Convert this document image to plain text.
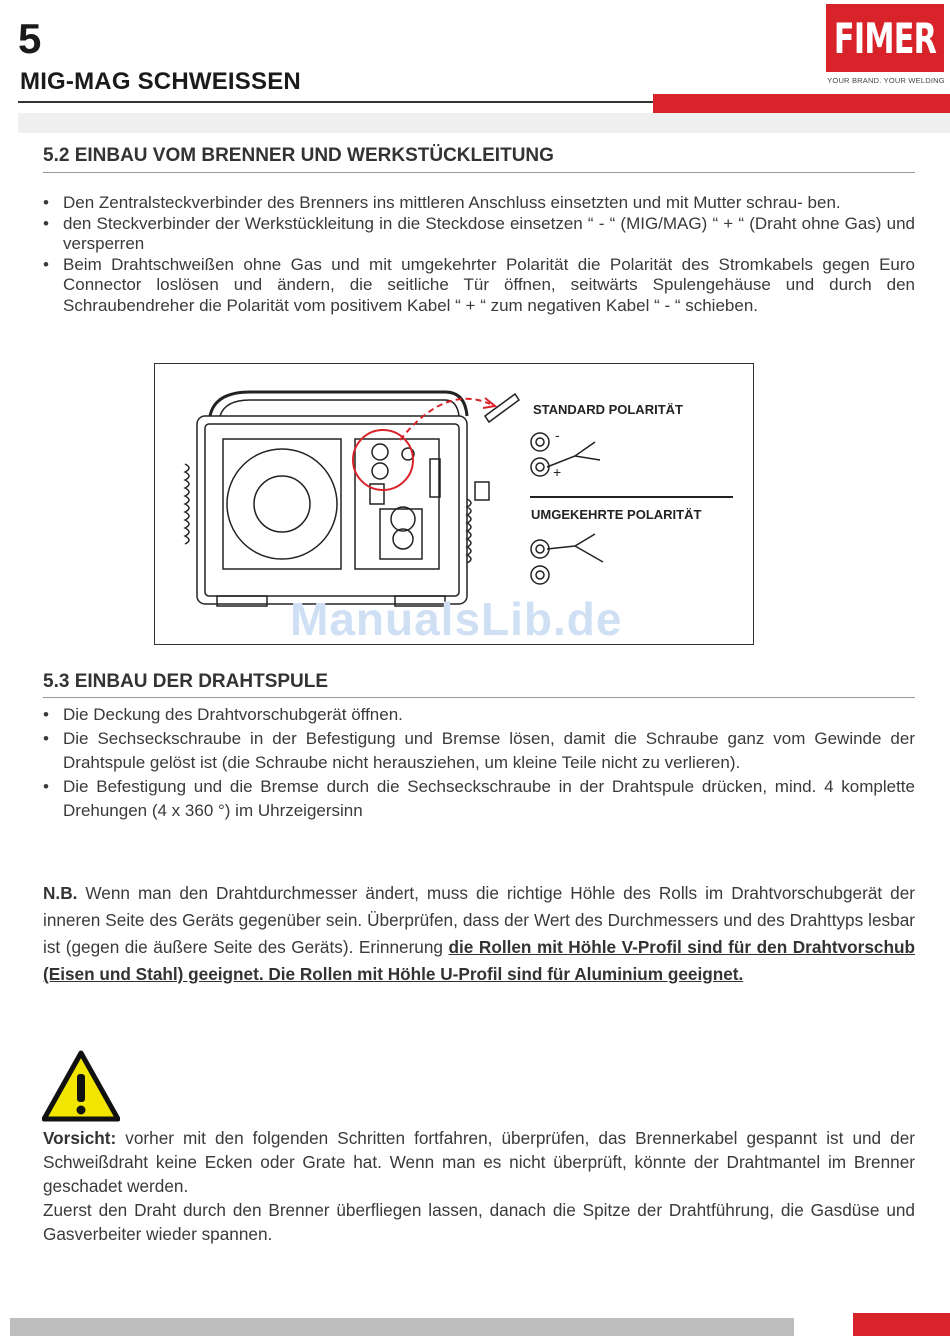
5
MIG-MAG SCHWEISSEN
FIMER
YOUR BRAND. YOUR WELDING
5.2 EINBAU VOM BRENNER UND WERKSTÜCKLEITUNG
• Den Zentralsteckverbinder des Brenners ins mittleren Anschluss einsetzten und mit Mutter schrau- ben.
• den Steckverbinder der Werkstückleitung in die Steckdose einsetzen “ - “ (MIG/MAG) “ + “ (Draht ohne Gas) und versperren
• Beim Drahtschweißen ohne Gas und mit umgekehrter Polarität die Polarität des Stromkabels gegen Euro Connector loslösen und ändern, die seitliche Tür öffnen, seitwärts Spulengehäuse und durch den Schraubendreher die Polarität vom positivem Kabel “ + “ zum negativen Kabel “ - “ schieben.
-
+
STANDARD POLARITÄT
UMGEKEHRTE POLARITÄT
ManualsLib.de
5.3 EINBAU DER DRAHTSPULE
• Die Deckung des Drahtvorschubgerät öffnen.
• Die Sechseckschraube in der Befestigung und Bremse lösen, damit die Schraube ganz vom Gewinde der Drahtspule gelöst ist (die Schraube nicht herausziehen, um kleine Teile nicht zu verlieren).
• Die Befestigung und die Bremse durch die Sechseckschraube in der Drahtspule drücken, mind. 4 komplette Drehungen (4 x 360 °) im Uhrzeigersinn
N.B. Wenn man den Drahtdurchmesser ändert, muss die richtige Höhle des Rolls im Drahtvorschubgerät der inneren Seite des Geräts gegenüber sein. Überprüfen, dass der Wert des Durchmessers und des Drahttyps lesbar ist (gegen die äußere Seite des Geräts). Erinnerung die Rollen mit Höhle V-Profil sind für den Drahtvorschub (Eisen und Stahl) geeignet. Die Rollen mit Höhle U-Profil sind für Aluminium geeignet.

Vorsicht: vorher mit den folgenden Schritten fortfahren, überprüfen, das Brennerkabel gespannt ist und der Schweißdraht keine Ecken oder Grate hat. Wenn man es nicht überprüft, könnte der Drahtmantel im Brenner geschadet werden.

Zuerst den Draht durch den Brenner überfliegen lassen, danach die Spitze der Drahtführung, die Gasdüse und Gasverbeiter wieder spannen.
